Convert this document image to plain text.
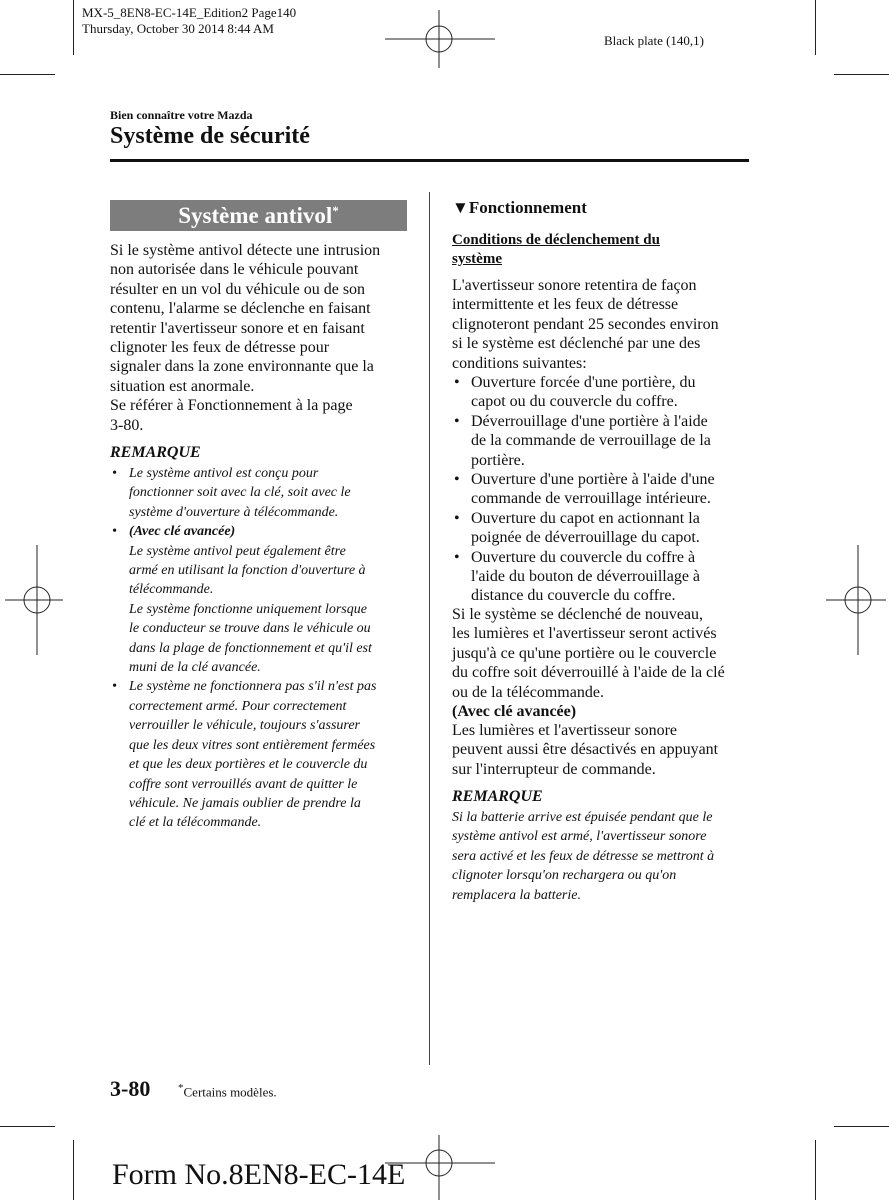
MX-5_8EN8-EC-14E_Edition2 Page140
Thursday, October 30 2014 8:44 AM
Black plate (140,1)
Bien connaître votre Mazda
Système de sécurité
Système antivol*
Si le système antivol détecte une intrusion
non autorisée dans le véhicule pouvant
résulter en un vol du véhicule ou de son
contenu, l'alarme se déclenche en faisant
retentir l'avertisseur sonore et en faisant
clignoter les feux de détresse pour
signaler dans la zone environnante que la
situation est anormale.
Se référer à Fonctionnement à la page
3-80.
REMARQUE
• Le système antivol est conçu pour
fonctionner soit avec la clé, soit avec le
système d'ouverture à télécommande.
• (Avec clé avancée)
Le système antivol peut également être
armé en utilisant la fonction d'ouverture à
télécommande.
Le système fonctionne uniquement lorsque
le conducteur se trouve dans le véhicule ou
dans la plage de fonctionnement et qu'il est
muni de la clé avancée.
• Le système ne fonctionnera pas s'il n'est pas
correctement armé. Pour correctement
verrouiller le véhicule, toujours s'assurer
que les deux vitres sont entièrement fermées
et que les deux portières et le couvercle du
coffre sont verrouillés avant de quitter le
véhicule. Ne jamais oublier de prendre la
clé et la télécommande.
▼Fonctionnement
Conditions de déclenchement du
système
L'avertisseur sonore retentira de façon
intermittente et les feux de détresse
clignoteront pendant 25 secondes environ
si le système est déclenché par une des
conditions suivantes:
• Ouverture forcée d'une portière, du
capot ou du couvercle du coffre.
• Déverrouillage d'une portière à l'aide
de la commande de verrouillage de la
portière.
• Ouverture d'une portière à l'aide d'une
commande de verrouillage intérieure.
• Ouverture du capot en actionnant la
poignée de déverrouillage du capot.
• Ouverture du couvercle du coffre à
l'aide du bouton de déverrouillage à
distance du couvercle du coffre.
Si le système se déclenché de nouveau,
les lumières et l'avertisseur seront activés
jusqu'à ce qu'une portière ou le couvercle
du coffre soit déverrouillé à l'aide de la clé
ou de la télécommande.
(Avec clé avancée)
Les lumières et l'avertisseur sonore
peuvent aussi être désactivés en appuyant
sur l'interrupteur de commande.
REMARQUE
Si la batterie arrive est épuisée pendant que le
système antivol est armé, l'avertisseur sonore
sera activé et les feux de détresse se mettront à
clignoter lorsqu'on rechargera ou qu'on
remplacera la batterie.
3-80	*Certains modèles.
Form No.8EN8-EC-14E
